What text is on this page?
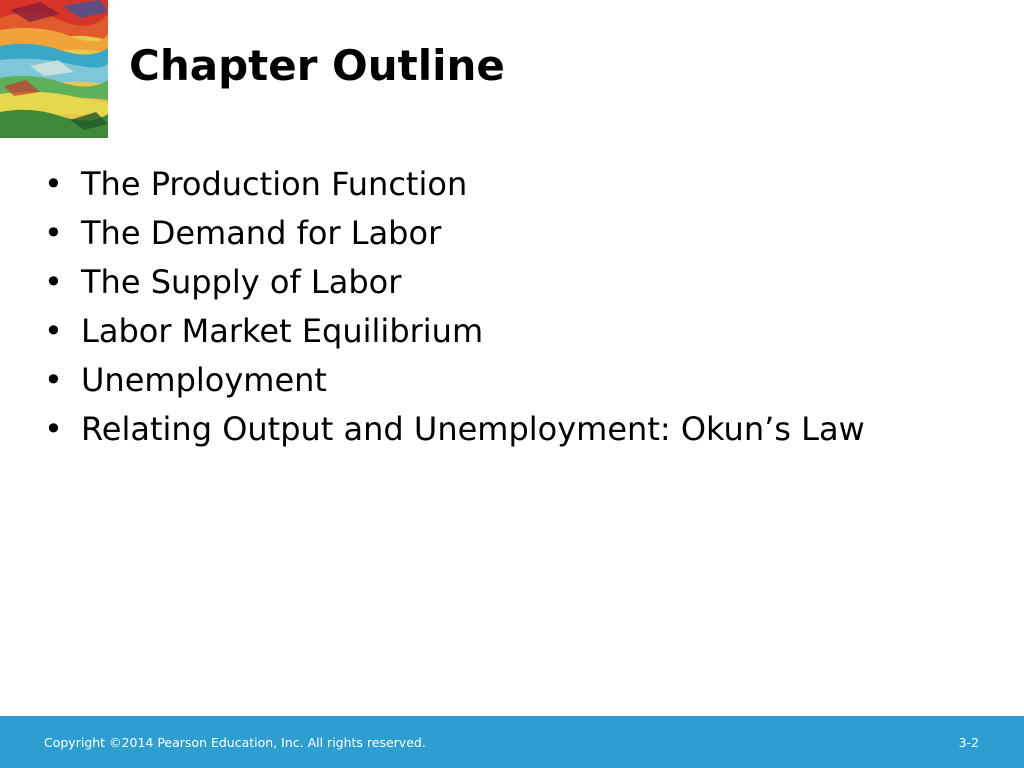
Chapter Outline
• The Production Function
• The Demand for Labor
• The Supply of Labor
• Labor Market Equilibrium
• Unemployment
• Relating Output and Unemployment: Okun’s Law
Copyright ©2014 Pearson Education, Inc. All rights reserved.	3-2
